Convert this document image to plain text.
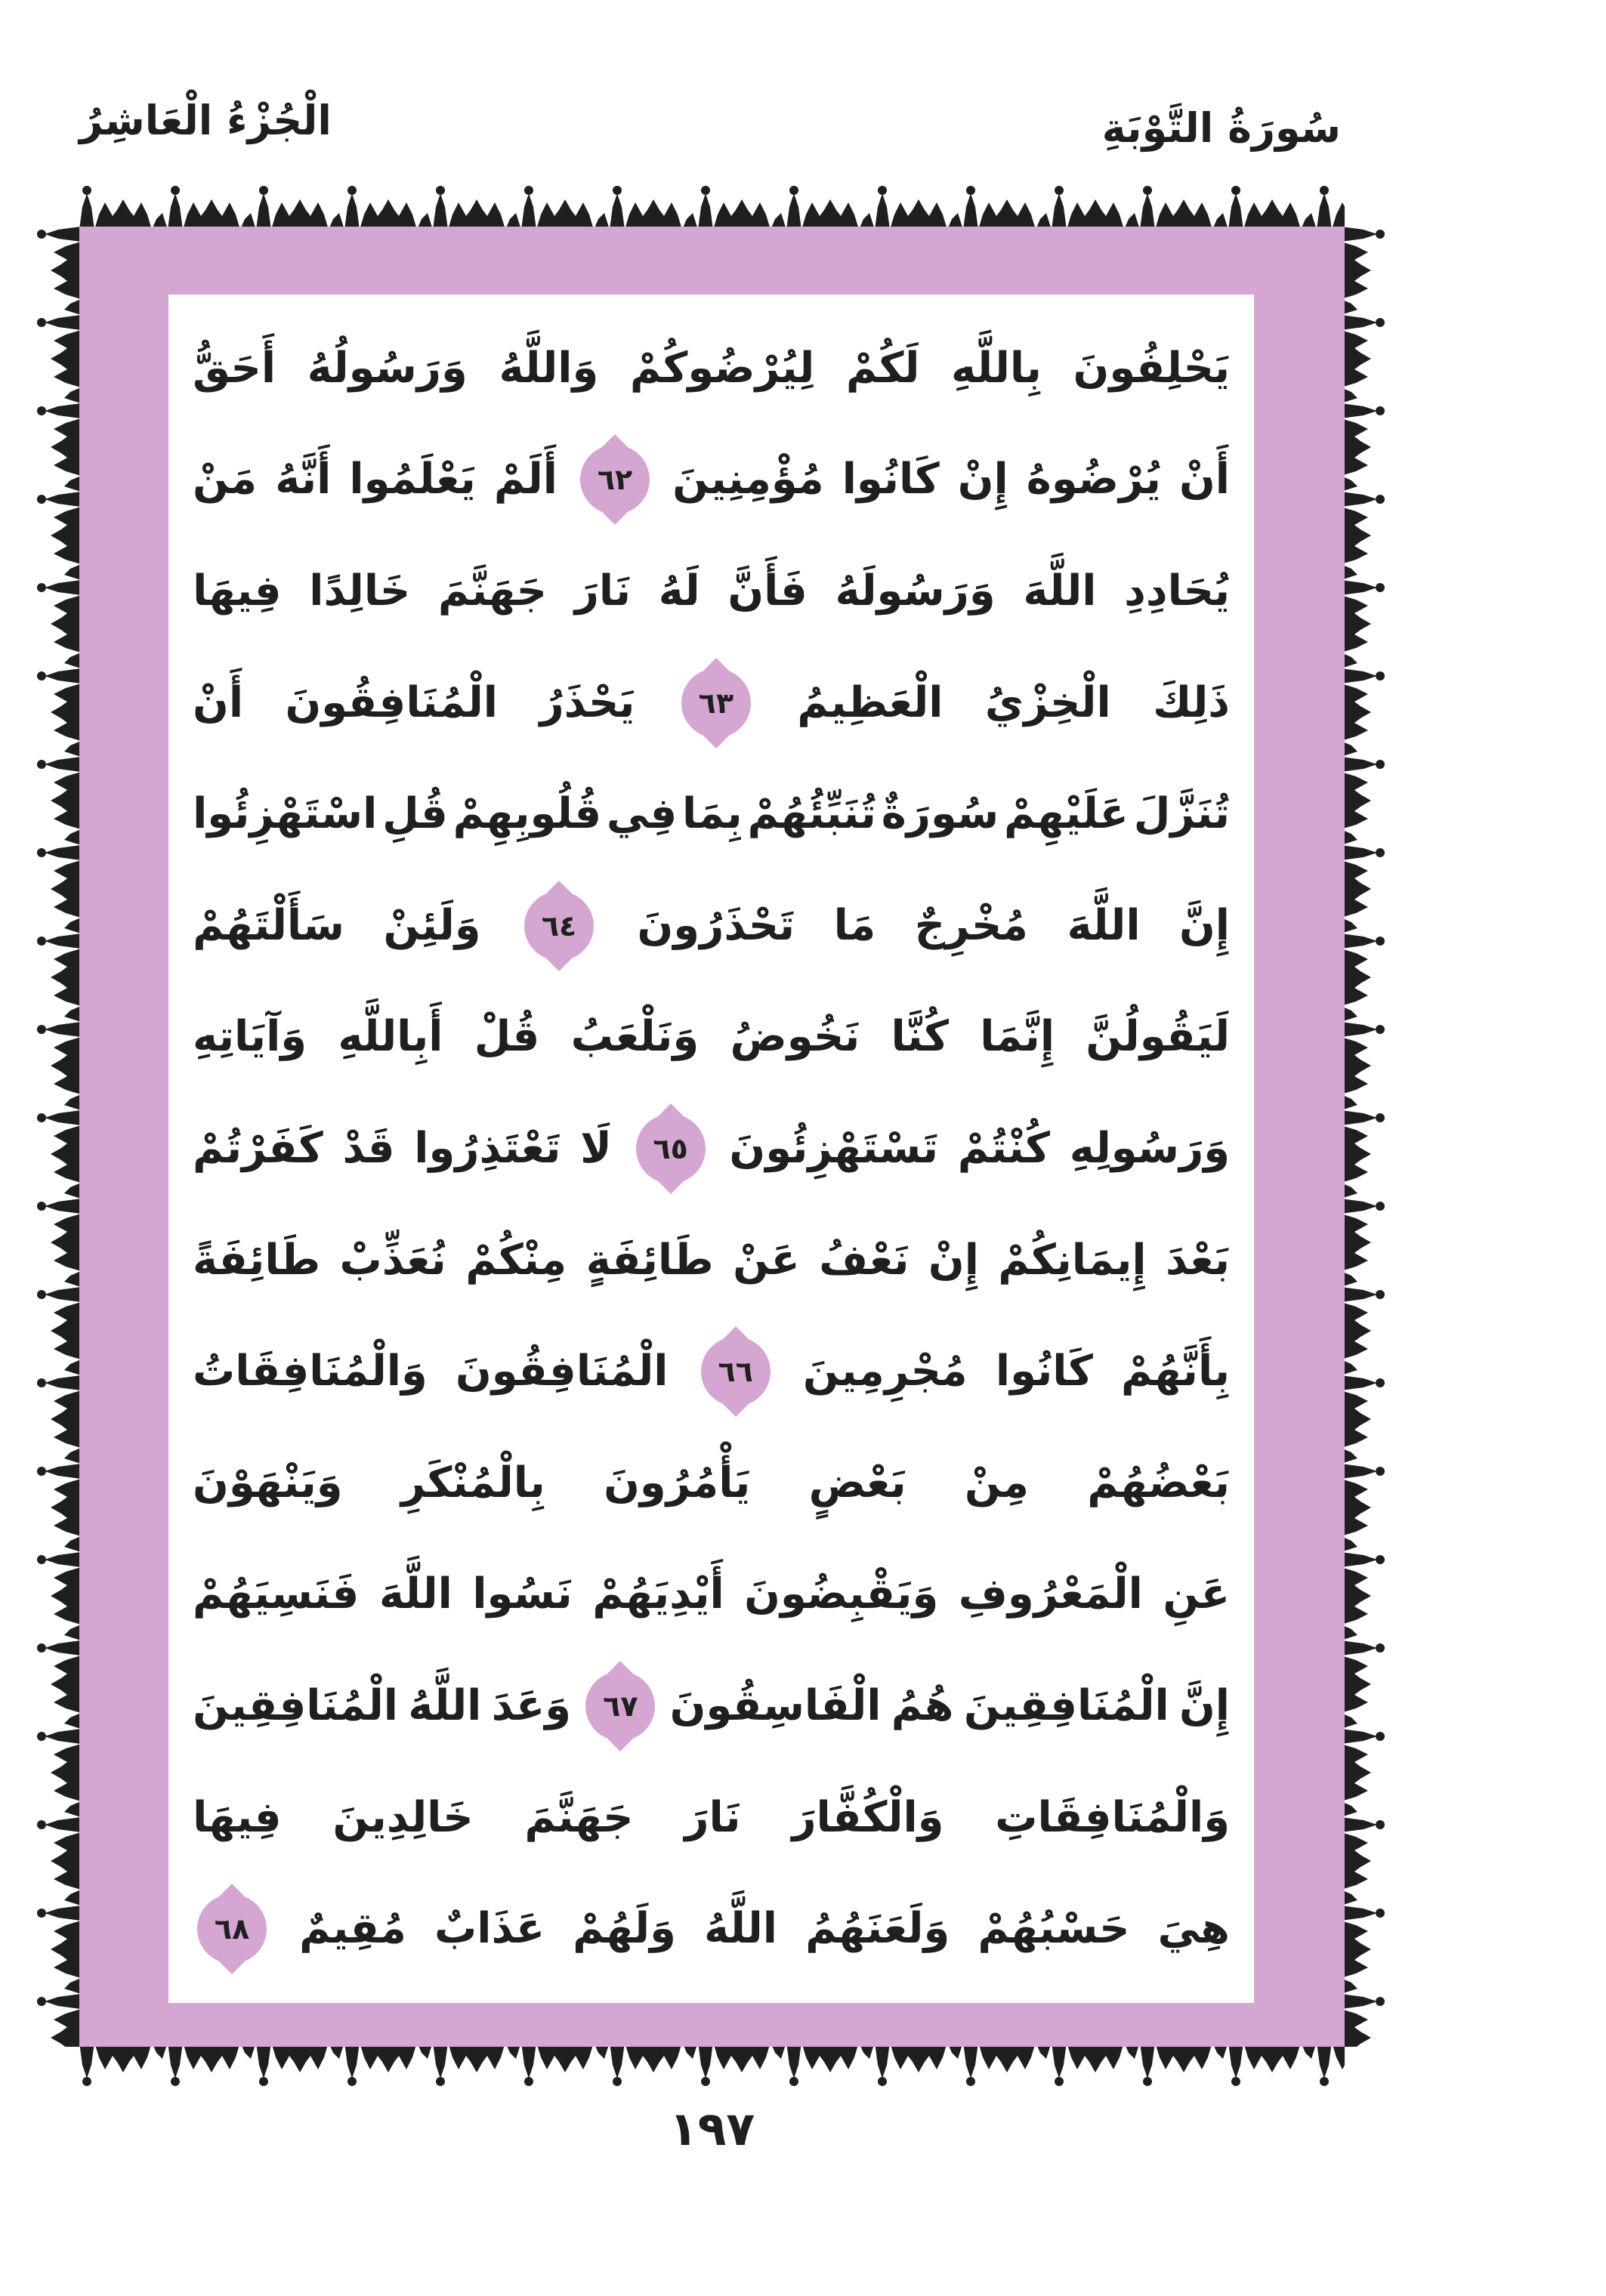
الْجُزْءُ الْعَاشِرُ	سُورَةُ التَّوْبَةِ
يَحْلِفُونَ
بِاللَّهِ
لَكُمْ
لِيُرْضُوكُمْ
وَاللَّهُ
وَرَسُولُهُ
أَحَقُّ
أَنْ
يُرْضُوهُ
إِنْ
كَانُوا
مُؤْمِنِينَ
٦٢
أَلَمْ
يَعْلَمُوا
أَنَّهُ
مَنْ
يُحَادِدِ
اللَّهَ
وَرَسُولَهُ
فَأَنَّ
لَهُ
نَارَ
جَهَنَّمَ
خَالِدًا
فِيهَا
ذَلِكَ
الْخِزْيُ
الْعَظِيمُ
٦٣
يَحْذَرُ
الْمُنَافِقُونَ
أَنْ
تُنَزَّلَ
عَلَيْهِمْ
سُورَةٌ
تُنَبِّئُهُمْ
بِمَا
فِي
قُلُوبِهِمْ
قُلِ
اسْتَهْزِئُوا
إِنَّ
اللَّهَ
مُخْرِجٌ
مَا
تَحْذَرُونَ
٦٤
وَلَئِنْ
سَأَلْتَهُمْ
لَيَقُولُنَّ
إِنَّمَا
كُنَّا
نَخُوضُ
وَنَلْعَبُ
قُلْ
أَبِاللَّهِ
وَآيَاتِهِ
وَرَسُولِهِ
كُنْتُمْ
تَسْتَهْزِئُونَ
٦٥
لَا
تَعْتَذِرُوا
قَدْ
كَفَرْتُمْ
بَعْدَ
إِيمَانِكُمْ
إِنْ
نَعْفُ
عَنْ
طَائِفَةٍ
مِنْكُمْ
نُعَذِّبْ
طَائِفَةً
بِأَنَّهُمْ
كَانُوا
مُجْرِمِينَ
٦٦
الْمُنَافِقُونَ
وَالْمُنَافِقَاتُ
بَعْضُهُمْ
مِنْ
بَعْضٍ
يَأْمُرُونَ
بِالْمُنْكَرِ
وَيَنْهَوْنَ
عَنِ
الْمَعْرُوفِ
وَيَقْبِضُونَ
أَيْدِيَهُمْ
نَسُوا
اللَّهَ
فَنَسِيَهُمْ
إِنَّ
الْمُنَافِقِينَ
هُمُ
الْفَاسِقُونَ
٦٧
وَعَدَ
اللَّهُ
الْمُنَافِقِينَ
وَالْمُنَافِقَاتِ
وَالْكُفَّارَ
نَارَ
جَهَنَّمَ
خَالِدِينَ
فِيهَا
هِيَ
حَسْبُهُمْ
وَلَعَنَهُمُ
اللَّهُ
وَلَهُمْ
عَذَابٌ
مُقِيمٌ
٦٨
١٩٧
